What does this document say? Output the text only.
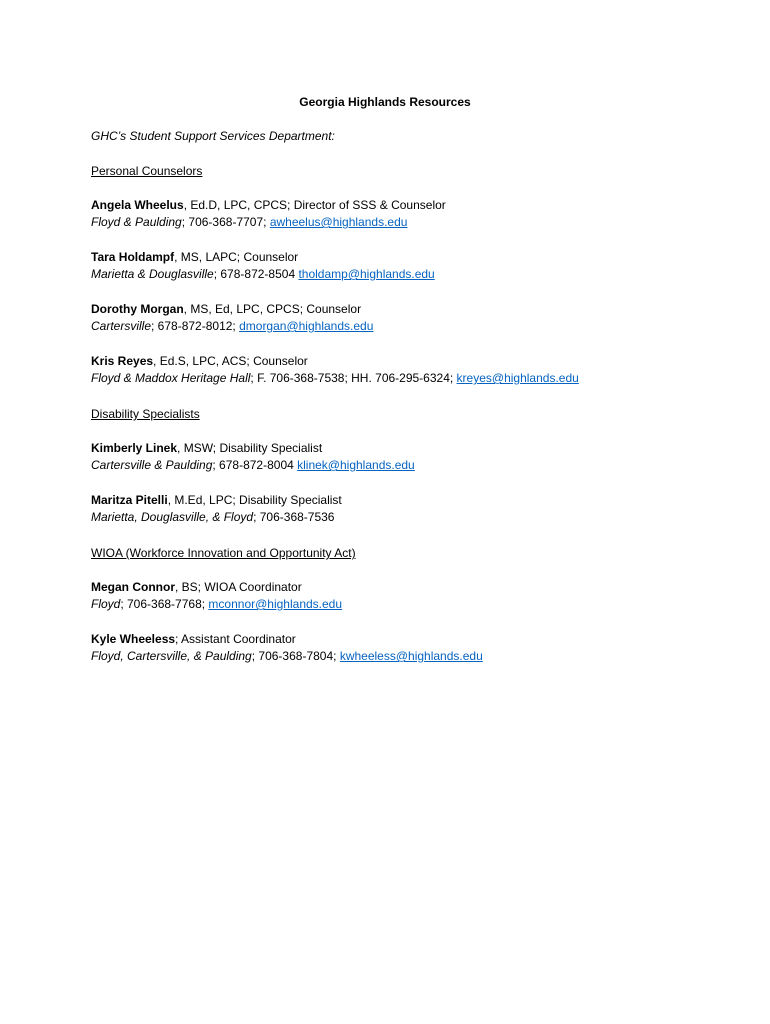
Georgia Highlands Resources
GHC’s Student Support Services Department:
Personal Counselors
Angela Wheelus, Ed.D, LPC, CPCS; Director of SSS & Counselor
Floyd & Paulding; 706-368-7707; awheelus@highlands.edu
Tara Holdampf, MS, LAPC; Counselor
Marietta & Douglasville; 678-872-8504 tholdamp@highlands.edu
Dorothy Morgan, MS, Ed, LPC, CPCS; Counselor
Cartersville; 678-872-8012; dmorgan@highlands.edu
Kris Reyes, Ed.S, LPC, ACS; Counselor
Floyd & Maddox Heritage Hall; F. 706-368-7538; HH. 706-295-6324; kreyes@highlands.edu
Disability Specialists
Kimberly Linek, MSW; Disability Specialist
Cartersville & Paulding; 678-872-8004 klinek@highlands.edu
Maritza Pitelli, M.Ed, LPC; Disability Specialist
Marietta, Douglasville, & Floyd; 706-368-7536
WIOA (Workforce Innovation and Opportunity Act)
Megan Connor, BS; WIOA Coordinator
Floyd; 706-368-7768; mconnor@highlands.edu
Kyle Wheeless; Assistant Coordinator
Floyd, Cartersville, & Paulding; 706-368-7804; kwheeless@highlands.edu
